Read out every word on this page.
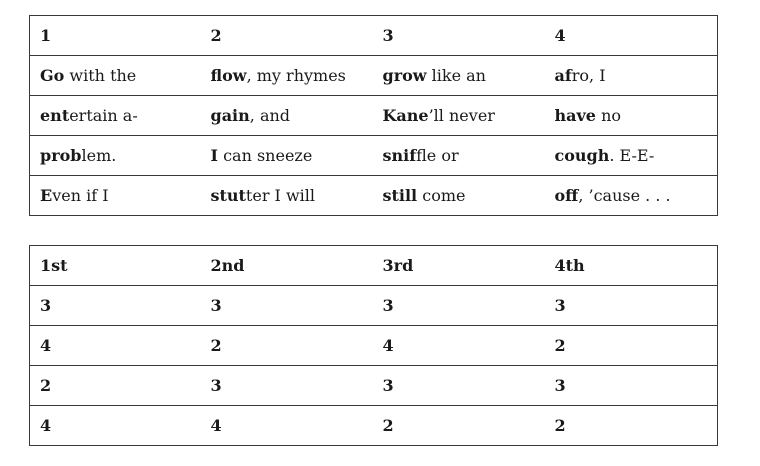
1	2	3	4
Go with the	flow, my rhymes	grow like an	afro, I
entertain a-	gain, and	Kane’ll never	have no
problem.	I can sneeze	sniffle or	cough. E-E-
Even if I	stutter I will	still come	off, ’cause . . .
1st	2nd	3rd	4th
3	3	3	3
4	2	4	2
2	3	3	3
4	4	2	2
